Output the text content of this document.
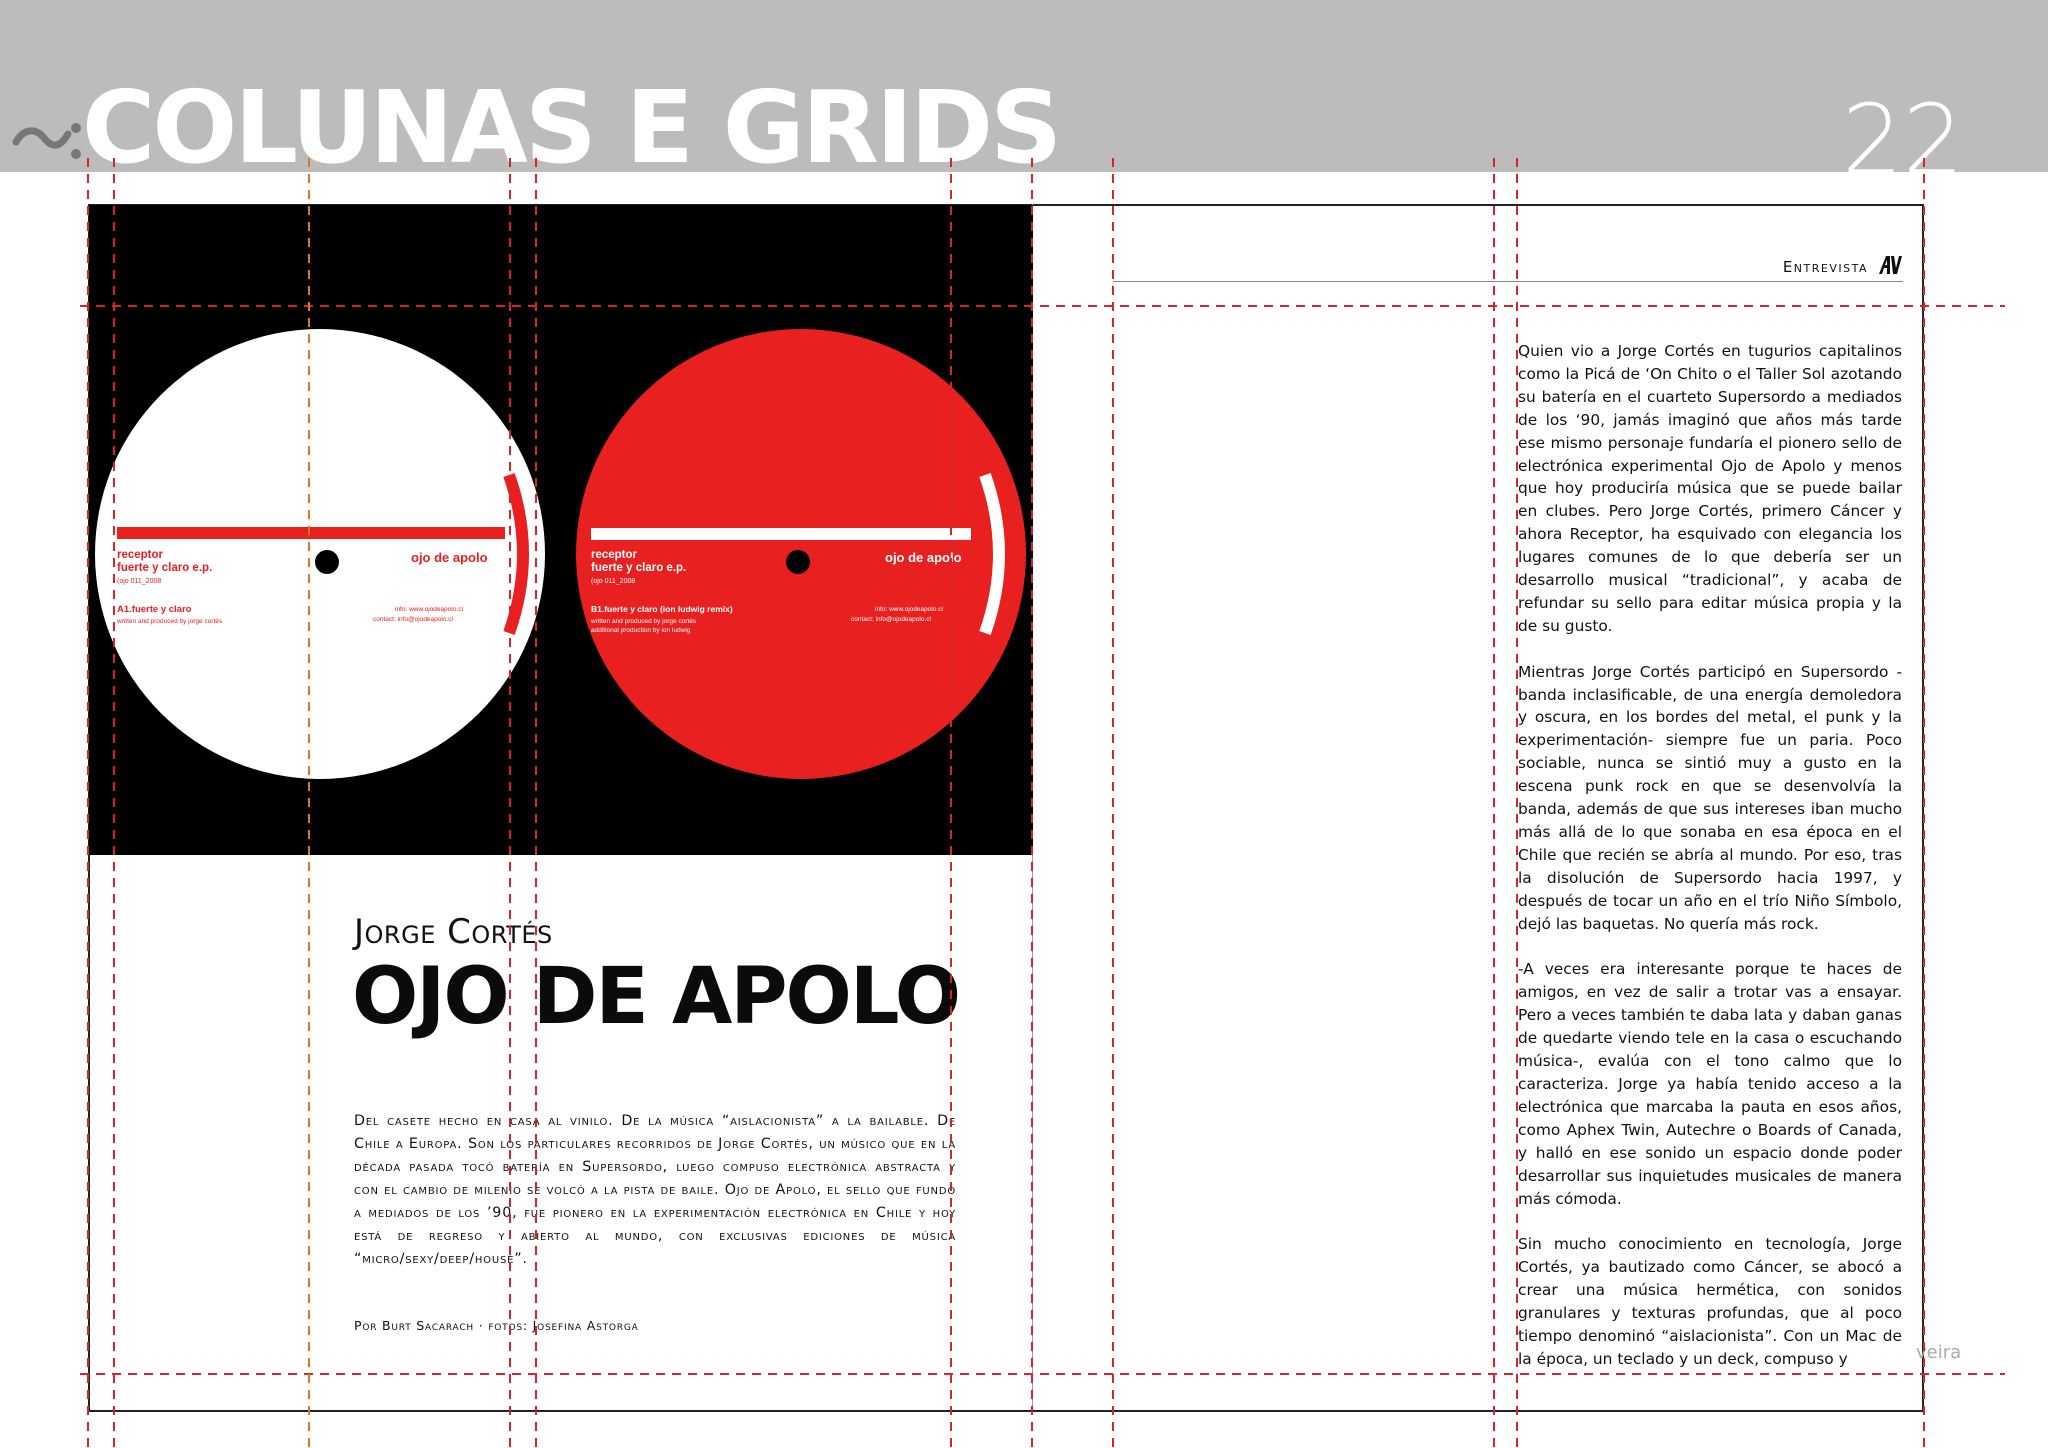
COLUNAS E GRIDS	22
receptor
fuerte y claro e.p.
(ojo 011_2008
ojo de apolo
A1.fuerte y claro
written and produced by jorge cortés
info: www.ojodeapolo.cl
contact: info@ojodeapolo.cl
receptor
fuerte y claro e.p.
(ojo 011_2008
ojo de apolo
B1.fuerte y claro (ion ludwig remix)
written and produced by jorge cortés
additional production by ion ludwig
info: www.ojodeapolo.cl
contact: info@ojodeapolo.cl
Entrevista
Jorge Cortés
OJO DE APOLO
Del casete hecho en casa al vinilo. De la música “aislacionista” a la bailable. De Chile a Europa. Son los particulares recorridos de Jorge Cortés, un músico que en la década pasada tocó batería en Supersordo, luego compuso electrónica abstracta y con el cambio de milenio se volcó a la pista de baile. Ojo de Apolo, el sello que fundó a mediados de los ’90, fue pionero en la experimentación electrónica en Chile y hoy está de regreso y abierto al mundo, con exclusivas ediciones de música “micro/sexy/deep/house”.
Por Burt Sacarach · fotos: Josefina Astorga

Quien vio a Jorge Cortés en tugurios capitalinos como la Picá de ‘On Chito o el Taller Sol azotando su batería en el cuarteto Supersordo a mediados de los ‘90, jamás imaginó que años más tarde ese mismo personaje fundaría el pionero sello de electrónica experimental Ojo de Apolo y menos que hoy produciría música que se puede bailar en clubes. Pero Jorge Cortés, primero Cáncer y ahora Receptor, ha esquivado con elegancia los lugares comunes de lo que debería ser un desarrollo musical “tradicional”, y acaba de refundar su sello para editar música propia y la de su gusto.

Mientras Jorge Cortés participó en Supersordo -banda inclasificable, de una energía demoledora y oscura, en los bordes del metal, el punk y la experimentación- siempre fue un paria. Poco sociable, nunca se sintió muy a gusto en la escena punk rock en que se desenvolvía la banda, además de que sus intereses iban mucho más allá de lo que sonaba en esa época en el Chile que recién se abría al mundo. Por eso, tras la disolución de Supersordo hacia 1997, y después de tocar un año en el trío Niño Símbolo, dejó las baquetas. No quería más rock.

-A veces era interesante porque te haces de amigos, en vez de salir a trotar vas a ensayar. Pero a veces también te daba lata y daban ganas de quedarte viendo tele en la casa o escuchando música-, evalúa con el tono calmo que lo caracteriza. Jorge ya había tenido acceso a la electrónica que marcaba la pauta en esos años, como Aphex Twin, Autechre o Boards of Canada, y halló en ese sonido un espacio donde poder desarrollar sus inquietudes musicales de manera más cómoda.

Sin mucho conocimiento en tecnología, Jorge Cortés, ya bautizado como Cáncer, se abocó a crear una música hermética, con sonidos granulares y texturas profundas, que al poco tiempo denominó “aislacionista”. Con un Mac de la época, un teclado y un deck, compuso y	veira
